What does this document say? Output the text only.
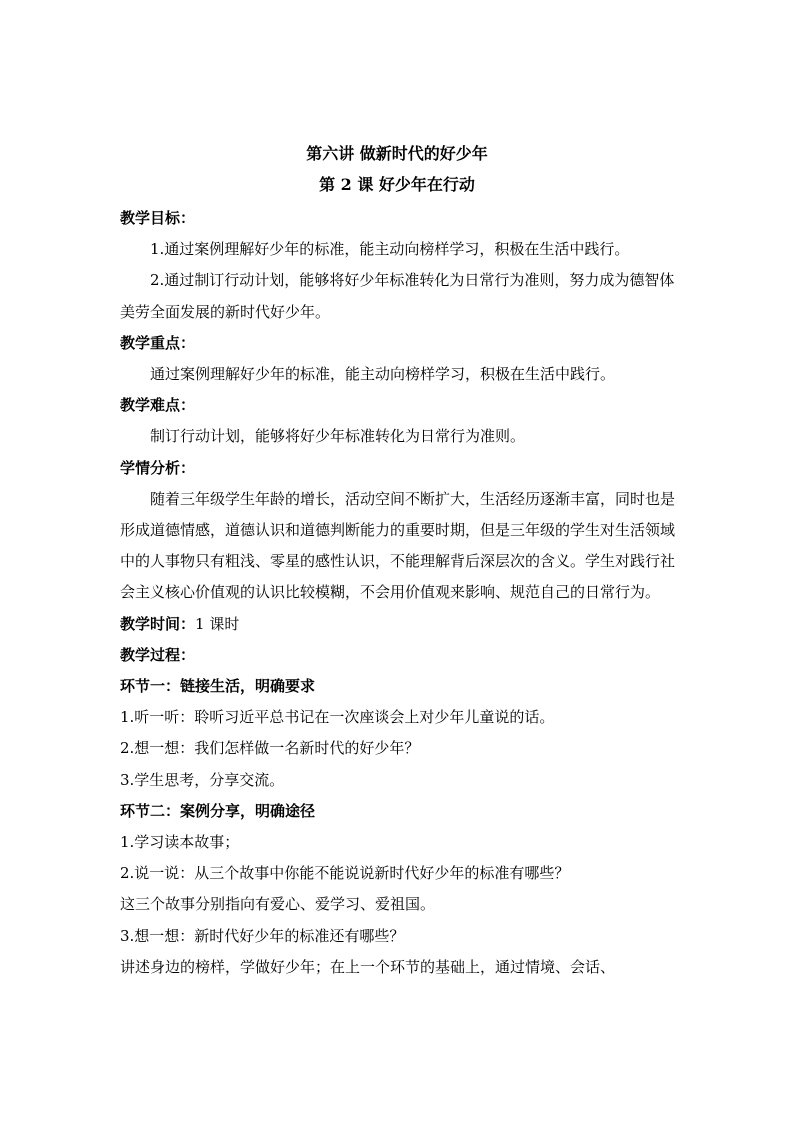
第六讲 做新时代的好少年
第 2 课 好少年在行动

教学目标：

1.通过案例理解好少年的标准，能主动向榜样学习，积极在生活中践行。

2.通过制订行动计划，能够将好少年标准转化为日常行为准则，努力成为德智体美劳全面发展的新时代好少年。

教学重点：

通过案例理解好少年的标准，能主动向榜样学习，积极在生活中践行。

教学难点：

制订行动计划，能够将好少年标准转化为日常行为准则。

学情分析：

随着三年级学生年龄的增长，活动空间不断扩大，生活经历逐渐丰富，同时也是形成道德情感，道德认识和道德判断能力的重要时期，但是三年级的学生对生活领域中的人事物只有粗浅、零星的感性认识，不能理解背后深层次的含义。学生对践行社会主义核心价值观的认识比较模糊，不会用价值观来影响、规范自己的日常行为。

教学时间：1 课时

教学过程：

环节一：链接生活，明确要求

1.听一听：聆听习近平总书记在一次座谈会上对少年儿童说的话。

2.想一想：我们怎样做一名新时代的好少年？

3.学生思考，分享交流。

环节二：案例分享，明确途径

1.学习读本故事；

2.说一说：从三个故事中你能不能说说新时代好少年的标准有哪些？

这三个故事分别指向有爱心、爱学习、爱祖国。

3.想一想：新时代好少年的标准还有哪些？

讲述身边的榜样，学做好少年；在上一个环节的基础上，通过情境、会话、
